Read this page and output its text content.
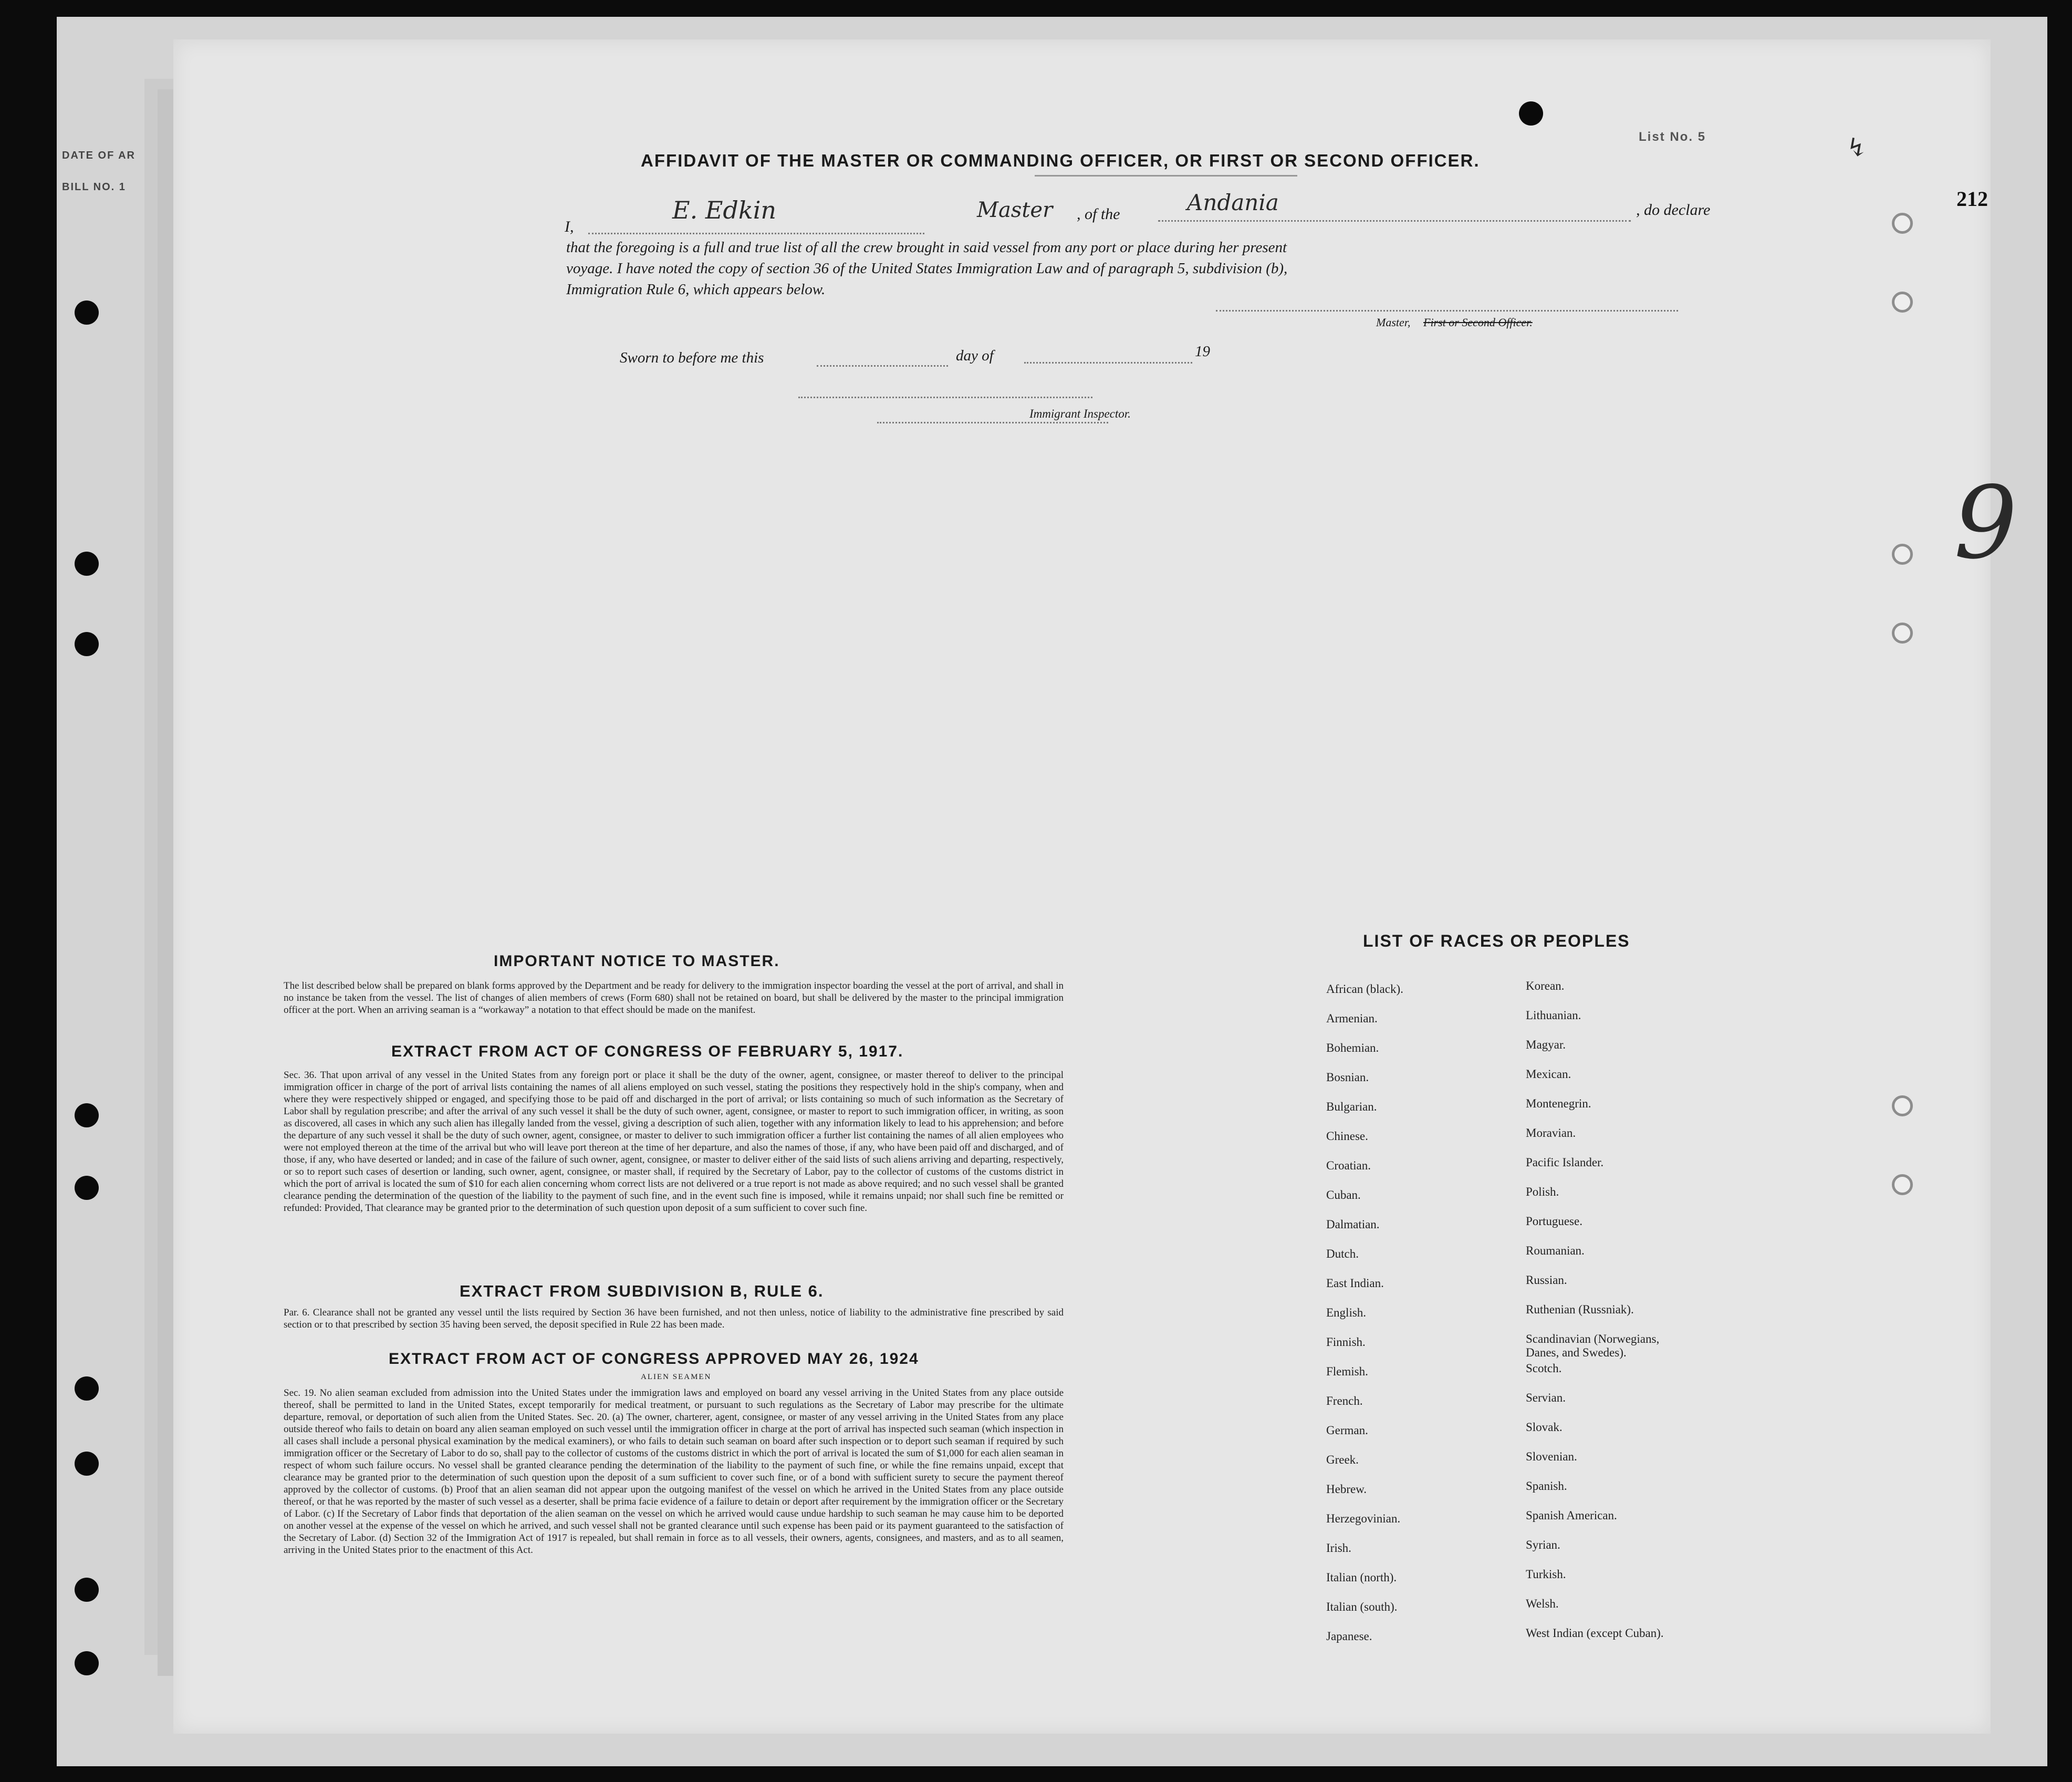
DATE OF AR
BILL NO. 1
List No. 5
AFFIDAVIT OF THE MASTER OR COMMANDING OFFICER, OR FIRST OR SECOND OFFICER.
I,
E. Edkin	Master , of the	Andania	, do declare
that the foregoing is a full and true list of all the crew brought in said vessel from any port or place during her present
voyage. I have noted the copy of section 36 of the United States Immigration Law and of paragraph 5, subdivision (b),
Immigration Rule 6, which appears below.
Master, First or Second Officer.
Sworn to before me this	day of	19
Immigrant Inspector.
IMPORTANT NOTICE TO MASTER.
The list described below shall be prepared on blank forms approved by the Department and be ready for delivery to the immigration inspector boarding the vessel at the port of arrival, and shall in no instance be taken from the vessel. The list of changes of alien members of crews (Form 680) shall not be retained on board, but shall be delivered by the master to the principal immigration officer at the port. When an arriving seaman is a “workaway” a notation to that effect should be made on the manifest.
EXTRACT FROM ACT OF CONGRESS OF FEBRUARY 5, 1917.
Sec. 36. That upon arrival of any vessel in the United States from any foreign port or place it shall be the duty of the owner, agent, consignee, or master thereof to deliver to the principal immigration officer in charge of the port of arrival lists containing the names of all aliens employed on such vessel, stating the positions they respectively hold in the ship's company, when and where they were respectively shipped or engaged, and specifying those to be paid off and discharged in the port of arrival; or lists containing so much of such information as the Secretary of Labor shall by regulation prescribe; and after the arrival of any such vessel it shall be the duty of such owner, agent, consignee, or master to report to such immigration officer, in writing, as soon as discovered, all cases in which any such alien has illegally landed from the vessel, giving a description of such alien, together with any information likely to lead to his apprehension; and before the departure of any such vessel it shall be the duty of such owner, agent, consignee, or master to deliver to such immigration officer a further list containing the names of all alien employees who were not employed thereon at the time of the arrival but who will leave port thereon at the time of her departure, and also the names of those, if any, who have been paid off and discharged, and of those, if any, who have deserted or landed; and in case of the failure of such owner, agent, consignee, or master to deliver either of the said lists of such aliens arriving and departing, respectively, or so to report such cases of desertion or landing, such owner, agent, consignee, or master shall, if required by the Secretary of Labor, pay to the collector of customs of the customs district in which the port of arrival is located the sum of $10 for each alien concerning whom correct lists are not delivered or a true report is not made as above required; and no such vessel shall be granted clearance pending the determination of the question of the liability to the payment of such fine, and in the event such fine is imposed, while it remains unpaid; nor shall such fine be remitted or refunded: Provided, That clearance may be granted prior to the determination of such question upon deposit of a sum sufficient to cover such fine.
EXTRACT FROM SUBDIVISION B, RULE 6.
Par. 6. Clearance shall not be granted any vessel until the lists required by Section 36 have been furnished, and not then unless, notice of liability to the administrative fine prescribed by said section or to that prescribed by section 35 having been served, the deposit specified in Rule 22 has been made.
EXTRACT FROM ACT OF CONGRESS APPROVED MAY 26, 1924
ALIEN SEAMEN
Sec. 19. No alien seaman excluded from admission into the United States under the immigration laws and employed on board any vessel arriving in the United States from any place outside thereof, shall be permitted to land in the United States, except temporarily for medical treatment, or pursuant to such regulations as the Secretary of Labor may prescribe for the ultimate departure, removal, or deportation of such alien from the United States. Sec. 20. (a) The owner, charterer, agent, consignee, or master of any vessel arriving in the United States from any place outside thereof who fails to detain on board any alien seaman employed on such vessel until the immigration officer in charge at the port of arrival has inspected such seaman (which inspection in all cases shall include a personal physical examination by the medical examiners), or who fails to detain such seaman on board after such inspection or to deport such seaman if required by such immigration officer or the Secretary of Labor to do so, shall pay to the collector of customs of the customs district in which the port of arrival is located the sum of $1,000 for each alien seaman in respect of whom such failure occurs. No vessel shall be granted clearance pending the determination of the liability to the payment of such fine, or while the fine remains unpaid, except that clearance may be granted prior to the determination of such question upon the deposit of a sum sufficient to cover such fine, or of a bond with sufficient surety to secure the payment thereof approved by the collector of customs. (b) Proof that an alien seaman did not appear upon the outgoing manifest of the vessel on which he arrived in the United States from any place outside thereof, or that he was reported by the master of such vessel as a deserter, shall be prima facie evidence of a failure to detain or deport after requirement by the immigration officer or the Secretary of Labor. (c) If the Secretary of Labor finds that deportation of the alien seaman on the vessel on which he arrived would cause undue hardship to such seaman he may cause him to be deported on another vessel at the expense of the vessel on which he arrived, and such vessel shall not be granted clearance until such expense has been paid or its payment guaranteed to the satisfaction of the Secretary of Labor. (d) Section 32 of the Immigration Act of 1917 is repealed, but shall remain in force as to all vessels, their owners, agents, consignees, and masters, and as to all seamen, arriving in the United States prior to the enactment of this Act.
LIST OF RACES OR PEOPLES
African (black).
Armenian.
Bohemian.
Bosnian.
Bulgarian.
Chinese.
Croatian.
Cuban.
Dalmatian.
Dutch.
East Indian.
English.
Finnish.
Flemish.
French.
German.
Greek.
Hebrew.
Herzegovinian.
Irish.
Italian (north).
Italian (south).
Japanese.
Korean.
Lithuanian.
Magyar.
Mexican.
Montenegrin.
Moravian.
Pacific Islander.
Polish.
Portuguese.
Roumanian.
Russian.
Ruthenian (Russniak).
Scandinavian (Norwegians,
Danes, and Swedes).
Scotch.
Servian.
Slovak.
Slovenian.
Spanish.
Spanish American.
Syrian.
Turkish.
Welsh.
West Indian (except Cuban).
212
↯
9
